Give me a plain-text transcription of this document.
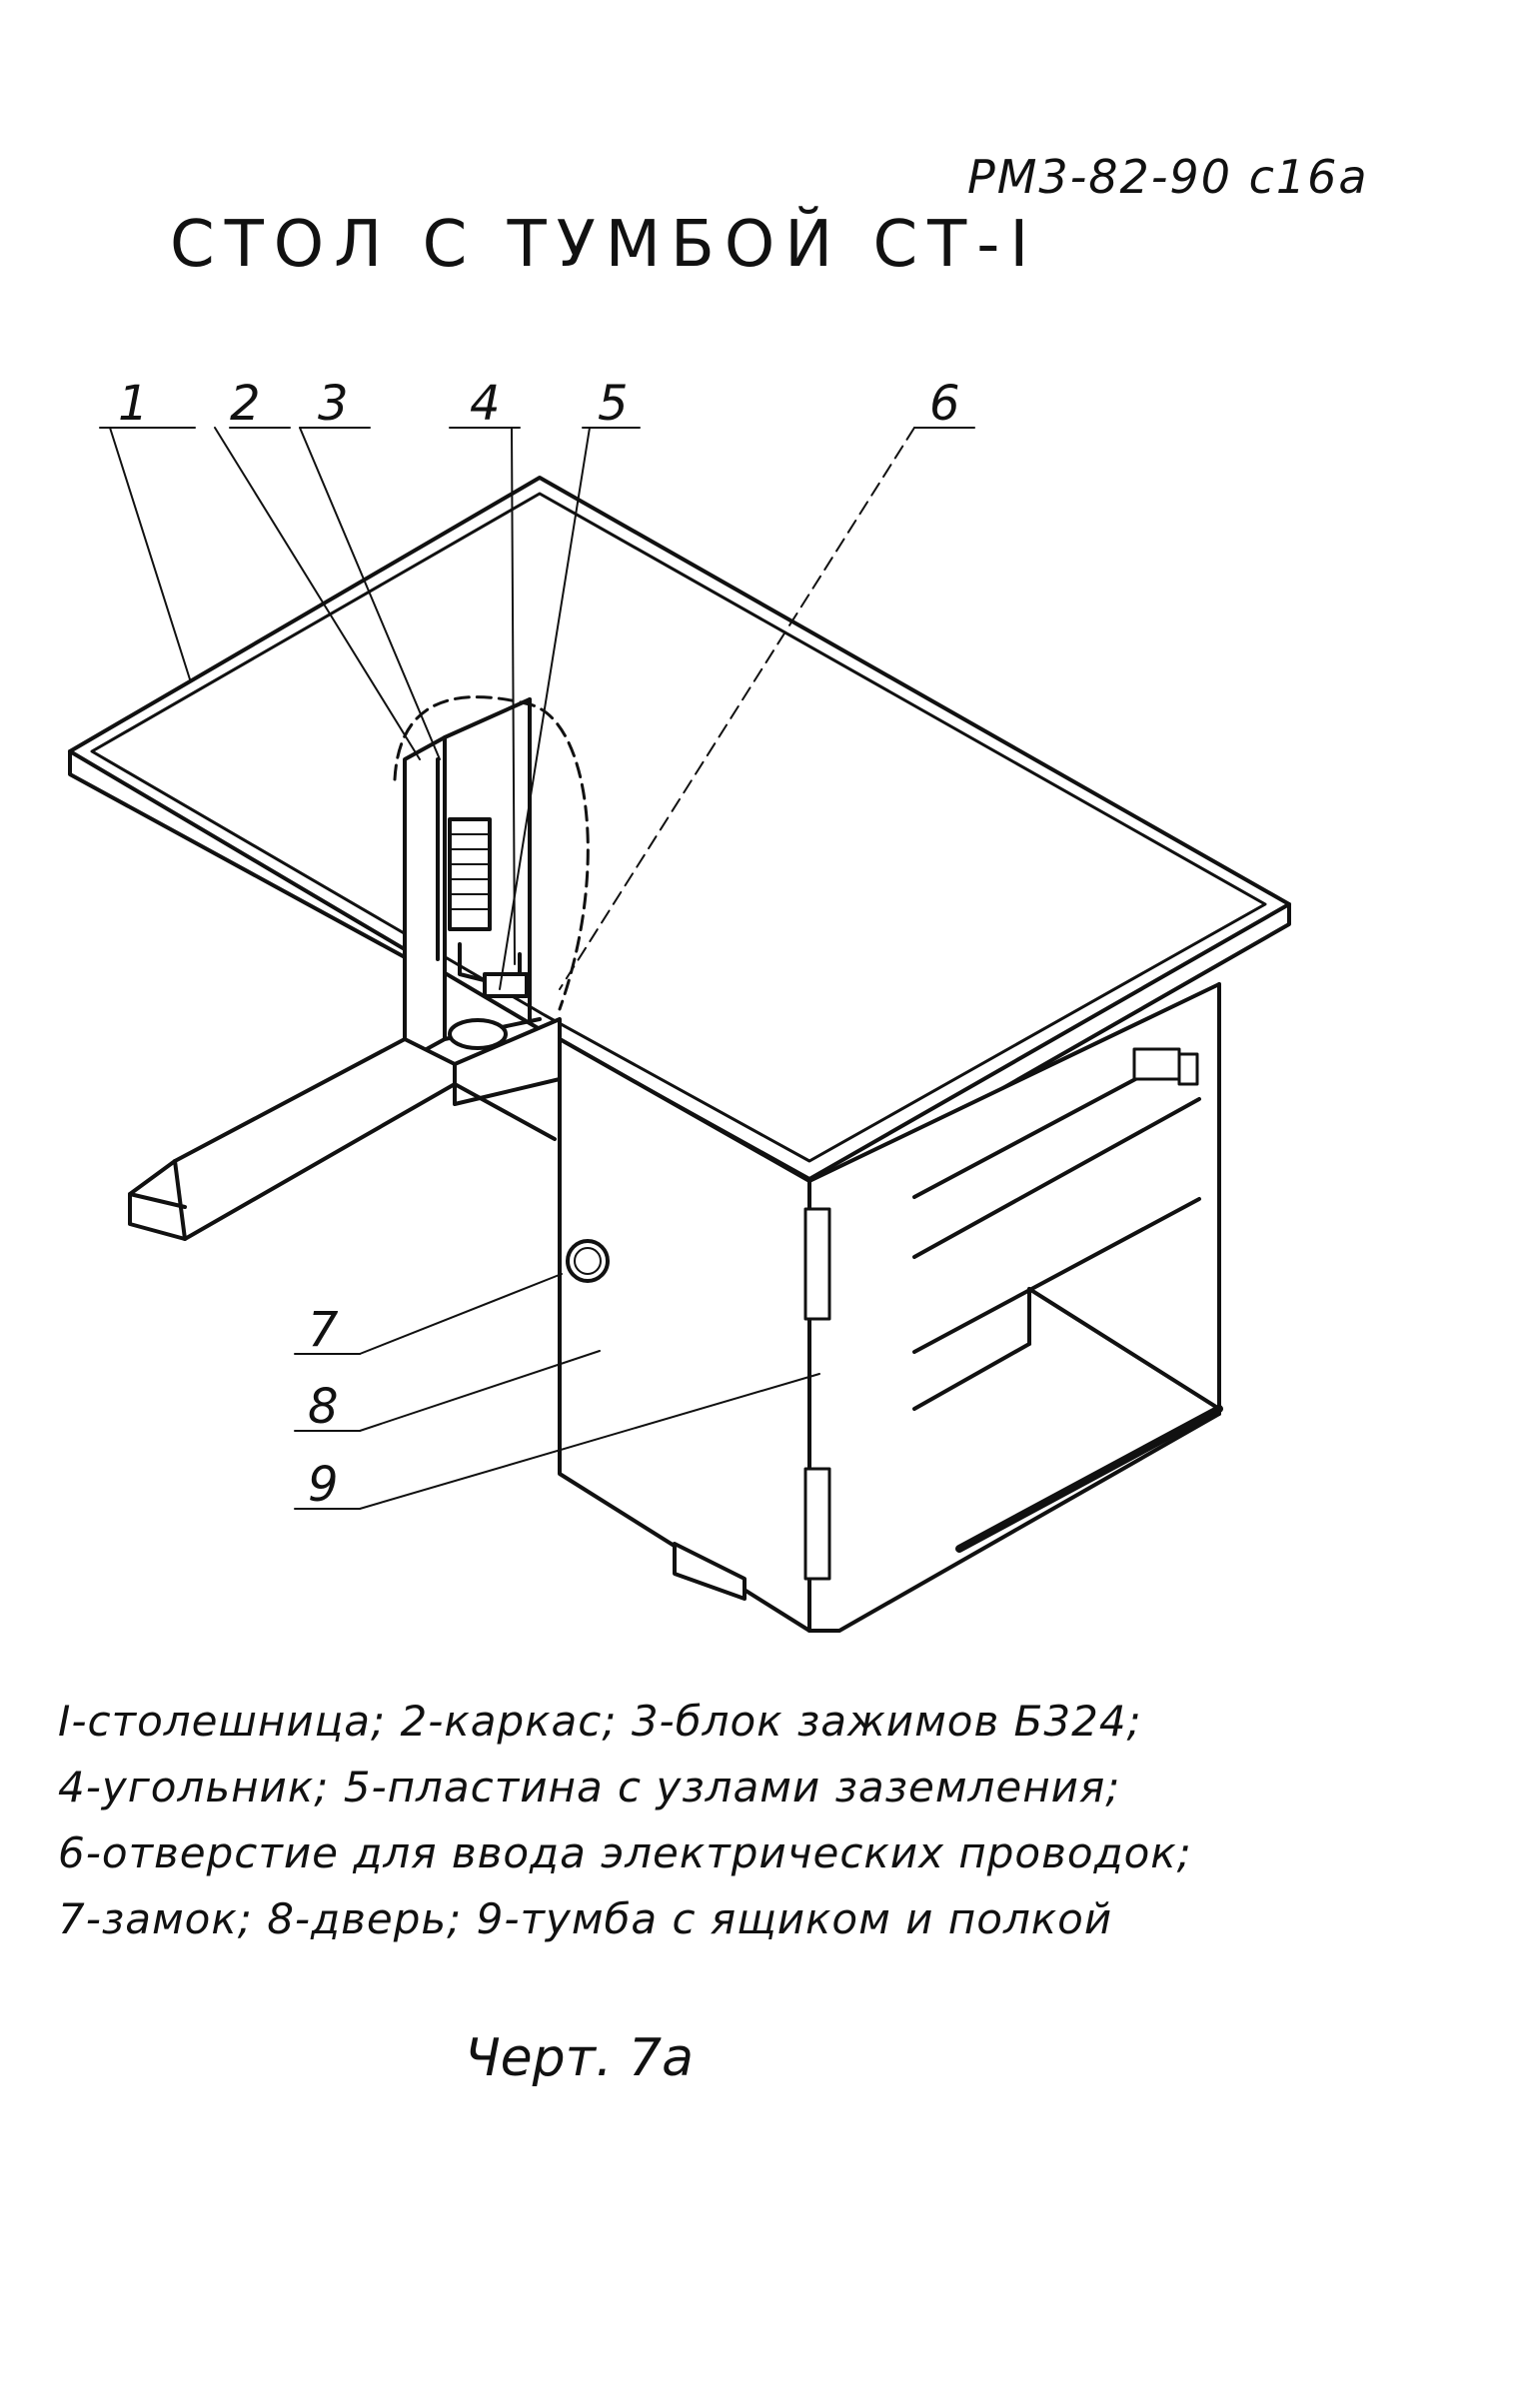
РМ3-82-90 с16а
СТОЛ С ТУМБОЙ СТ-I
1 2 3	4 5	6
7
8
9
I-столешница; 2-каркас; 3-блок зажимов Б324;
4-угольник; 5-пластина с узлами заземления;
6-отверстие для ввода электрических проводок;
7-замок; 8-дверь; 9-тумба с ящиком и полкой
Черт. 7а
